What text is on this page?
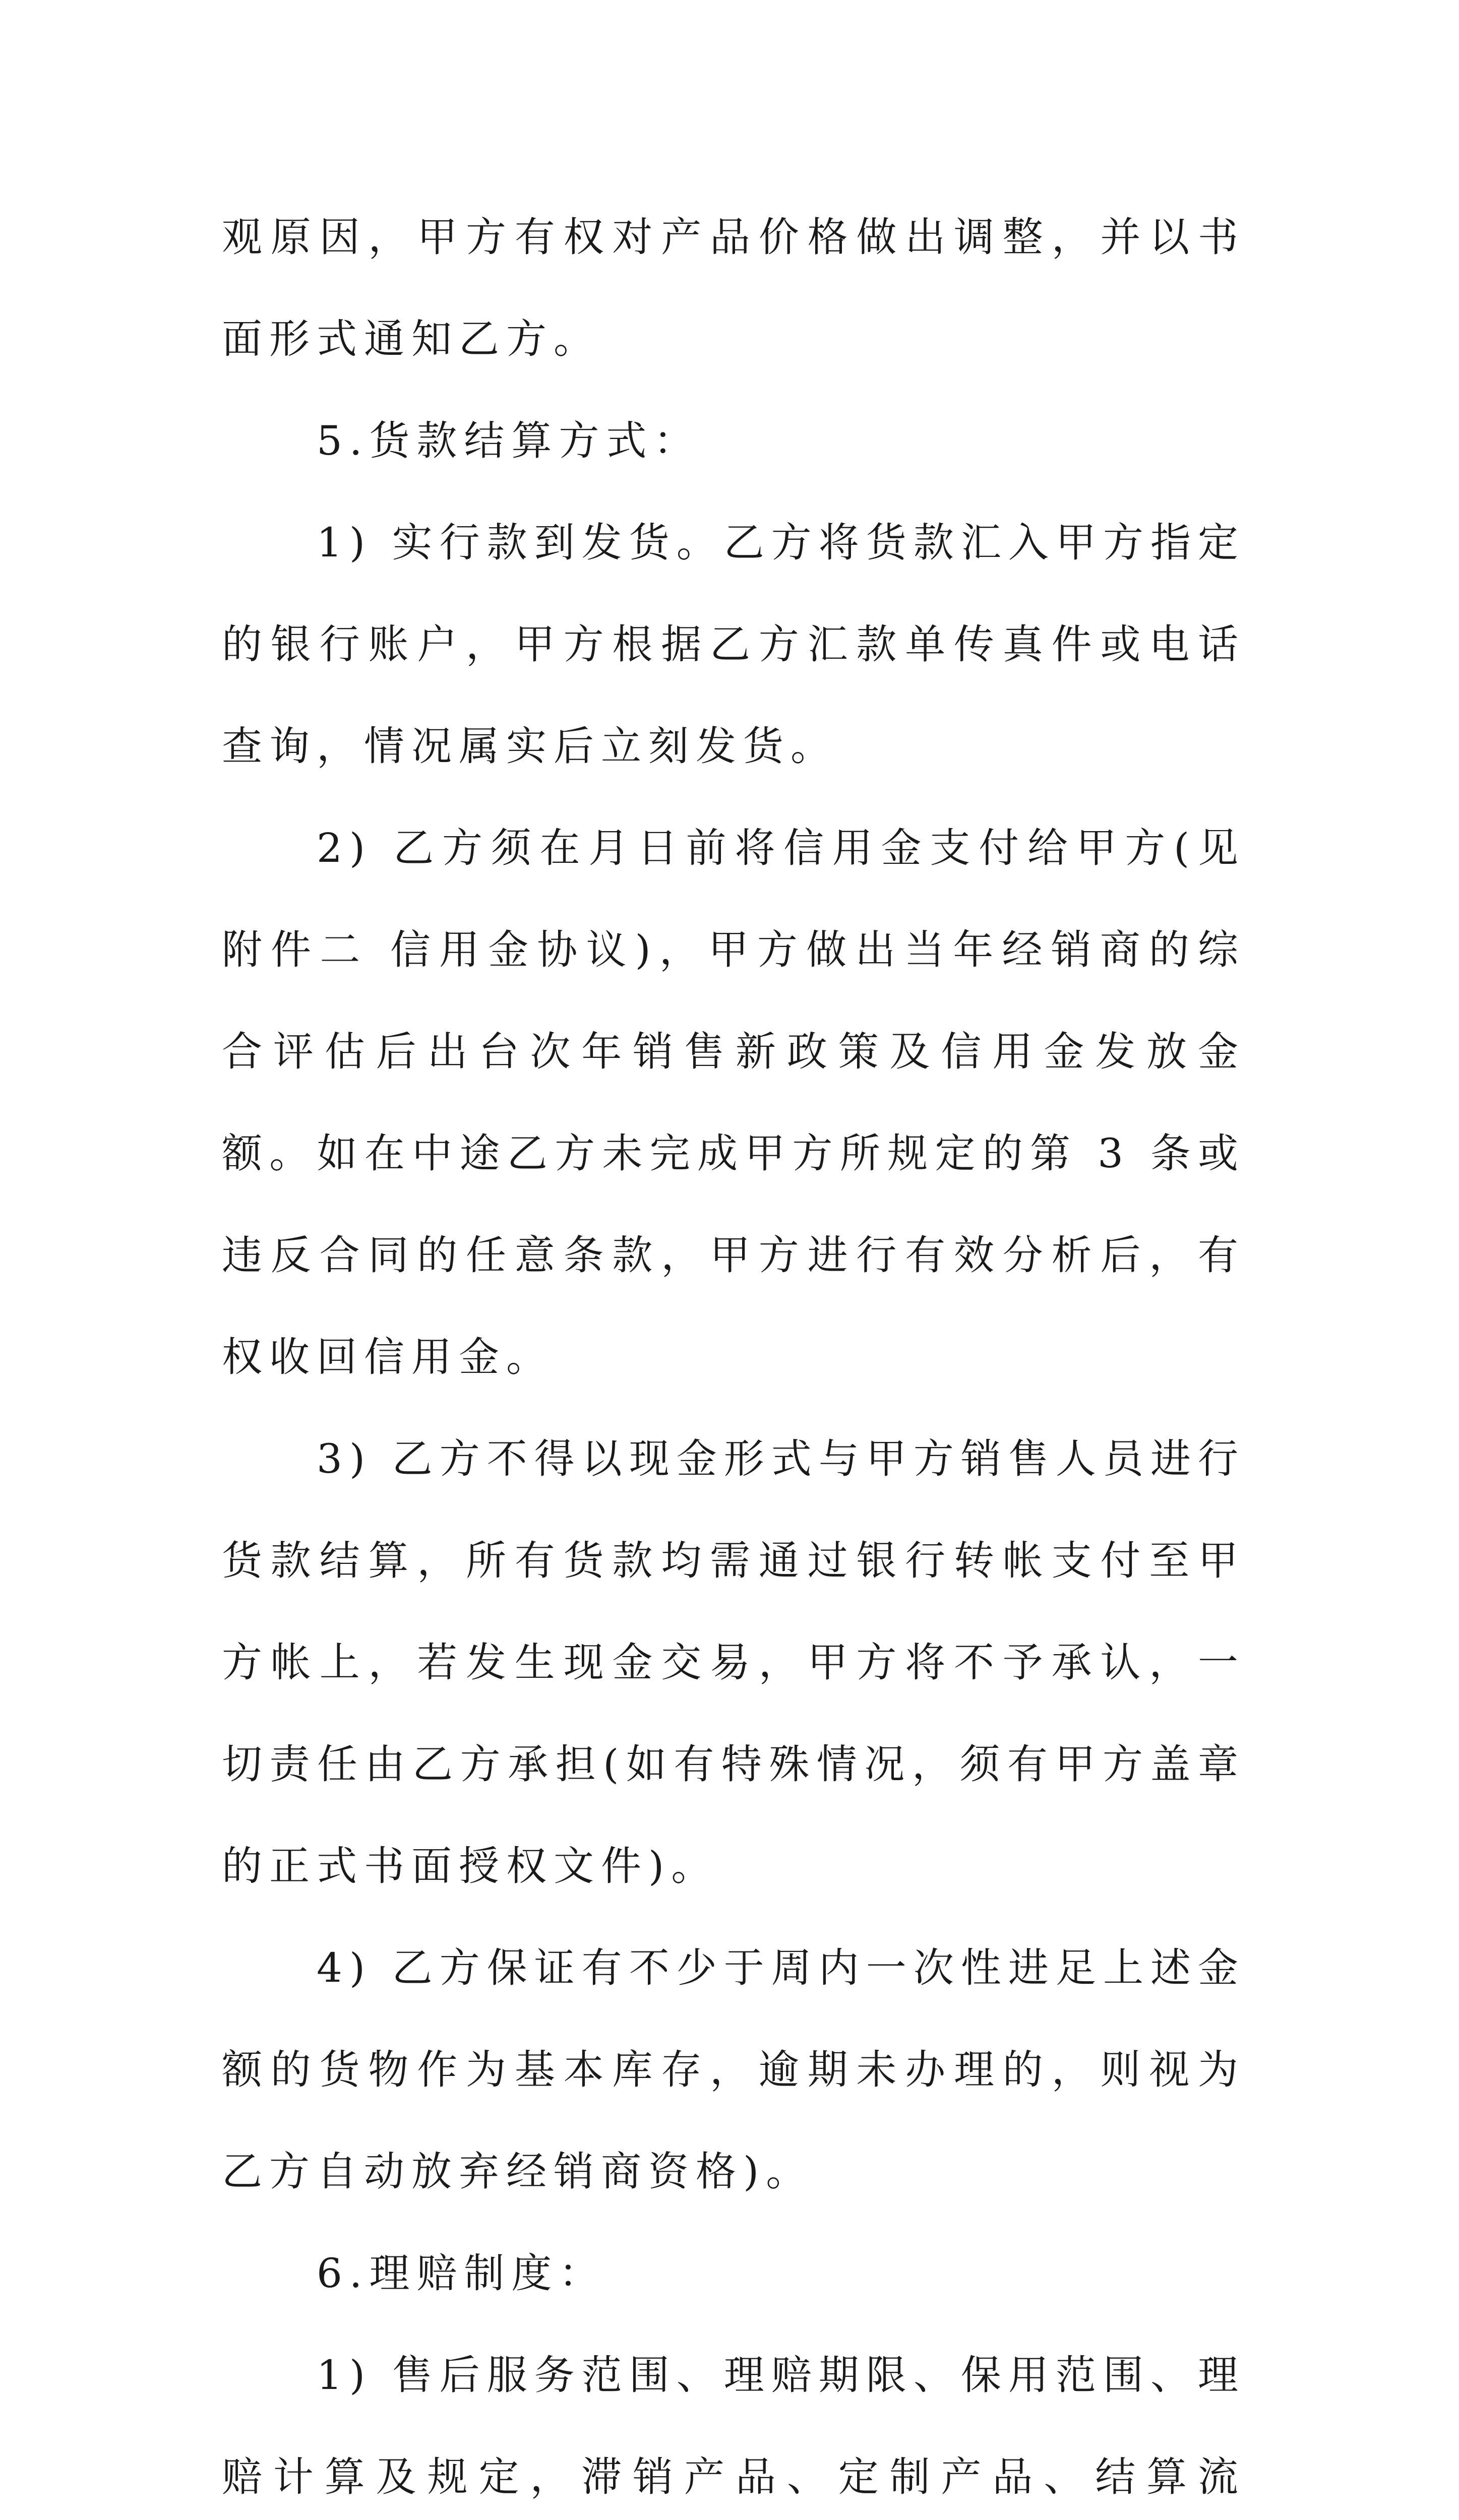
观原因，甲方有权对产品价格做出调整，并以书面形式通知乙方。

5.货款结算方式：

1) 实行款到发货。乙方将货款汇入甲方指定的银行账户，甲方根据乙方汇款单传真件或电话查询，情况属实后立刻发货。

2) 乙方须在月日前将信用金支付给甲方(见附件二 信用金协议)，甲方做出当年经销商的综合评估后出台次年销售新政策及信用金发放金额。如在中途乙方未完成甲方所规定的第 3 条或违反合同的任意条款，甲方进行有效分析后，有权收回信用金。

3) 乙方不得以现金形式与甲方销售人员进行货款结算，所有货款均需通过银行转帐支付至甲方帐上，若发生现金交易，甲方将不予承认，一切责任由乙方承担(如有特殊情况，须有甲方盖章的正式书面授权文件)。

4) 乙方保证有不少于周内一次性进足上述金额的货物作为基本库存，逾期未办理的，则视为乙方自动放弃经销商资格)。

6.理赔制度：

1) 售后服务范围、理赔期限、保用范围、理赔计算及规定，滞销产品、定制产品、结算流
